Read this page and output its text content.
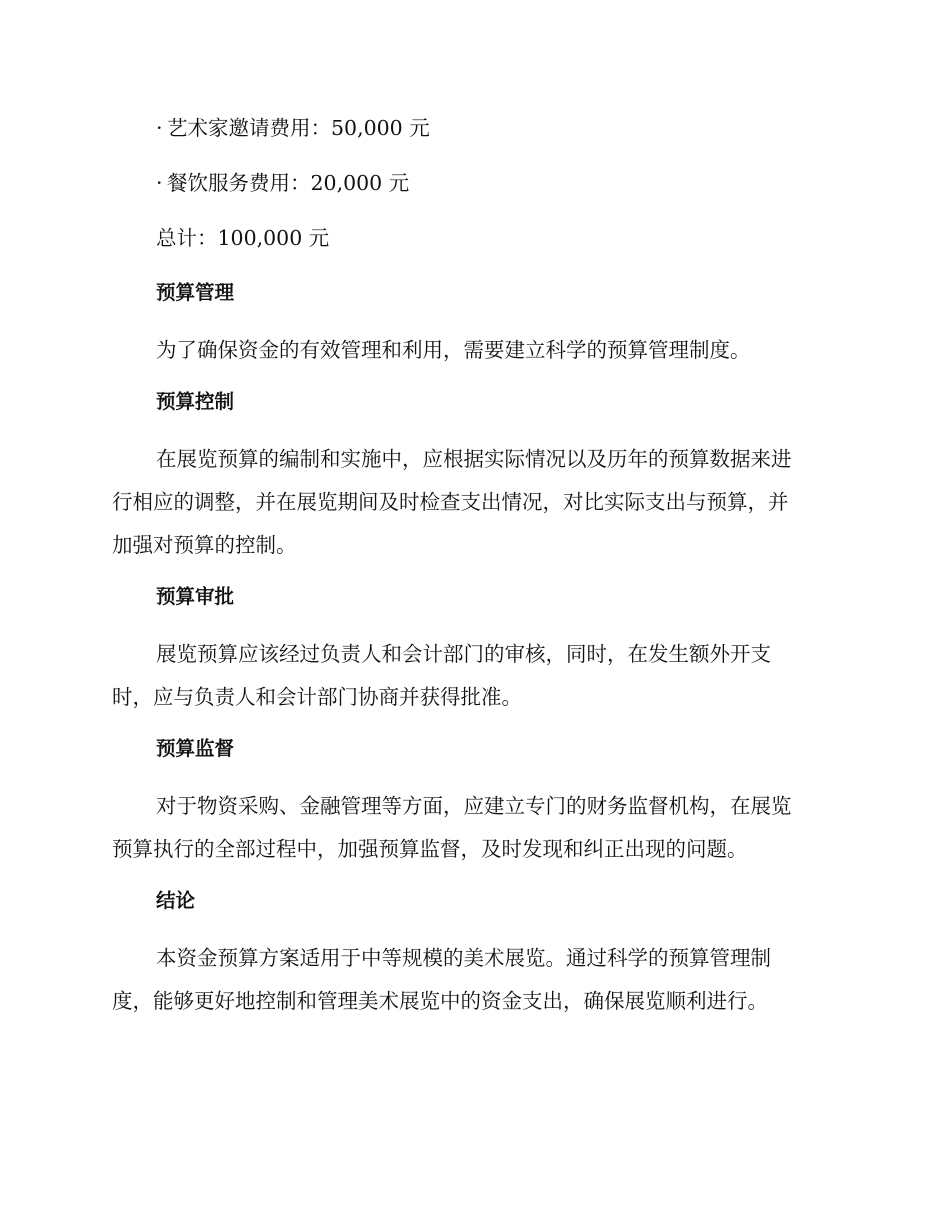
· 艺术家邀请费用：50,000 元
· 餐饮服务费用：20,000 元
总计：100,000 元
预算管理
为了确保资金的有效管理和利用，需要建立科学的预算管理制度。
预算控制
在展览预算的编制和实施中，应根据实际情况以及历年的预算数据来进
行相应的调整，并在展览期间及时检查支出情况，对比实际支出与预算，并
加强对预算的控制。
预算审批
展览预算应该经过负责人和会计部门的审核，同时，在发生额外开支
时，应与负责人和会计部门协商并获得批准。
预算监督
对于物资采购、金融管理等方面，应建立专门的财务监督机构，在展览
预算执行的全部过程中，加强预算监督，及时发现和纠正出现的问题。
结论
本资金预算方案适用于中等规模的美术展览。通过科学的预算管理制
度，能够更好地控制和管理美术展览中的资金支出，确保展览顺利进行。
